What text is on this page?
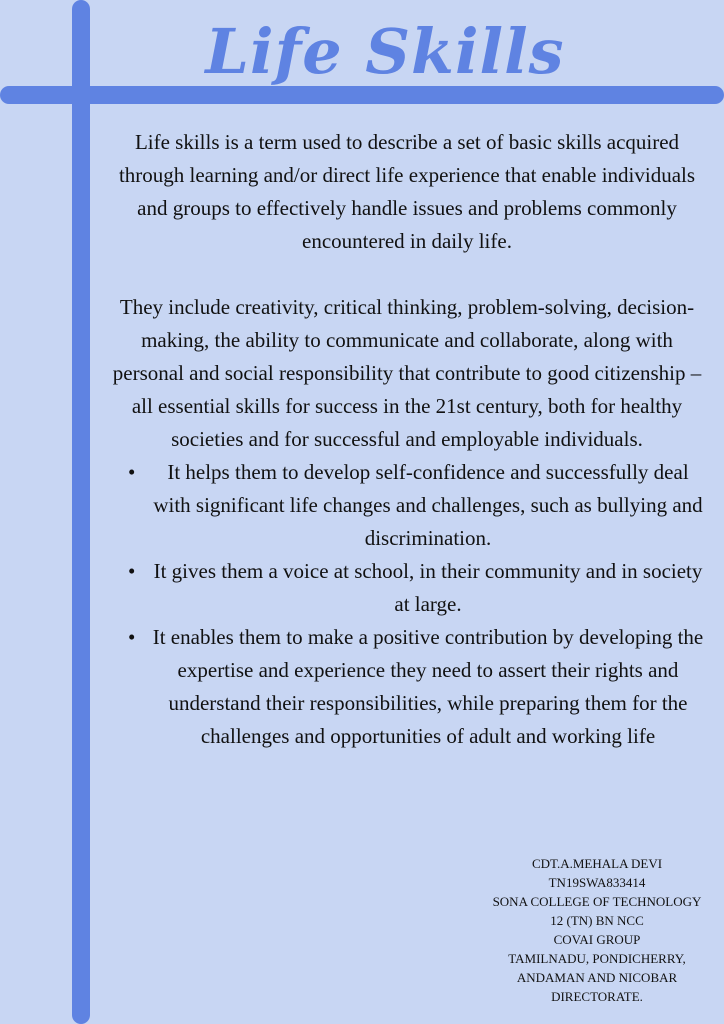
Life Skills

Life skills is a term used to describe a set of basic skills acquired through learning and/or direct life experience that enable individuals and groups to effectively handle issues and problems commonly encountered in daily life.

They include creativity, critical thinking, problem-solving, decision-making, the ability to communicate and collaborate, along with personal and social responsibility that contribute to good citizenship – all essential skills for success in the 21st century, both for healthy societies and for successful and employable individuals.

• It helps them to develop self-confidence and successfully deal with significant life changes and challenges, such as bullying and discrimination.
• It gives them a voice at school, in their community and in society at large.
• It enables them to make a positive contribution by developing the expertise and experience they need to assert their rights and understand their responsibilities, while preparing them for the challenges and opportunities of adult and working life
CDT.A.MEHALA DEVI
TN19SWA833414
SONA COLLEGE OF TECHNOLOGY
12 (TN) BN NCC
COVAI GROUP
TAMILNADU, PONDICHERRY,
ANDAMAN AND NICOBAR
DIRECTORATE.
